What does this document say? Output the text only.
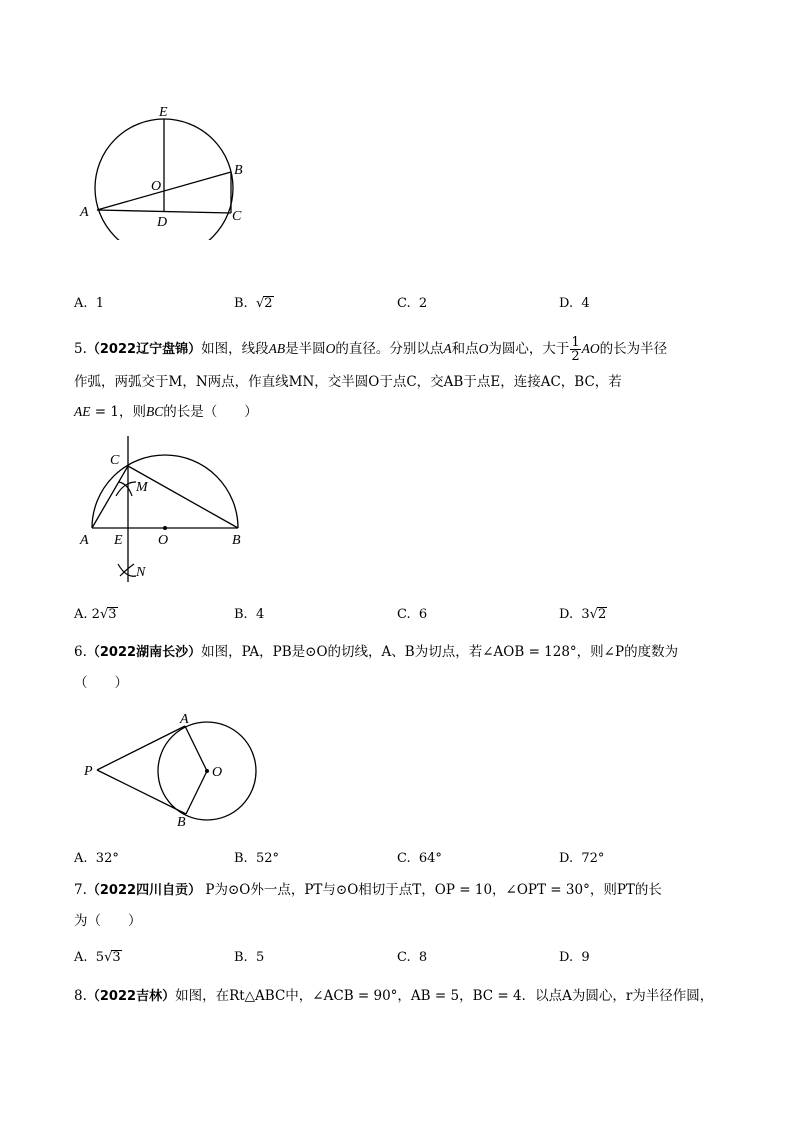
E
B
O
A
D	C
A. 1	B.  √2	C. 2	D. 4
5.（2022辽宁盘锦）如图，线段AB是半圆O的直径。分别以点A和点O为圆心，大于 $\frac{1}{2}$ AO的长为半径
作弧，两弧交于M，N两点，作直线MN，交半圆O于点C，交AB于点E，连接AC，BC，若
AE = 1，则BC的长是（　　）
C
M
A E	O	B
N
A. 2√3	B. 4	C. 6	D. 3√2
6.（2022湖南长沙）如图，PA，PB是⊙O的切线，A、B为切点，若∠AOB = 128°，则∠P的度数为
（　　）
A
P	O
B
A. 32°	B. 52°	C. 64°	D. 72°
7.（2022四川自贡） P为⊙O外一点，PT与⊙O相切于点T，OP = 10，∠OPT = 30°，则PT的长
为（　　）
A. 5√3	B. 5	C. 8	D. 9
8.（2022吉林）如图，在Rt△ABC中，∠ACB = 90°，AB = 5，BC = 4．以点A为圆心，r为半径作圆，
